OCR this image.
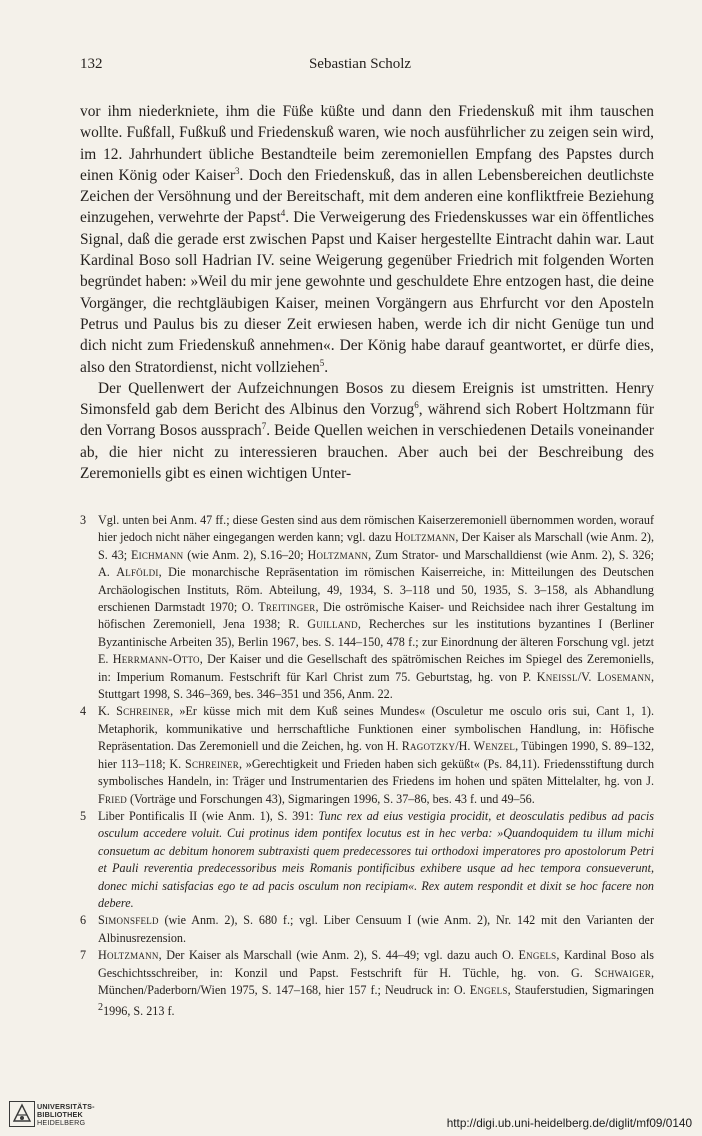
132	Sebastian Scholz

vor ihm niederkniete, ihm die Füße küßte und dann den Friedenskuß mit ihm tauschen wollte. Fußfall, Fußkuß und Friedenskuß waren, wie noch ausführlicher zu zeigen sein wird, im 12. Jahrhundert übliche Bestandteile beim zeremoniellen Empfang des Papstes durch einen König oder Kaiser$^3$. Doch den Friedenskuß, das in allen Lebensbereichen deutlichste Zeichen der Versöhnung und der Bereitschaft, mit dem anderen eine konfliktfreie Beziehung einzugehen, verwehrte der Papst$^4$. Die Verweigerung des Friedenskusses war ein öffentliches Signal, daß die gerade erst zwischen Papst und Kaiser hergestellte Eintracht dahin war. Laut Kardinal Boso soll Hadrian IV. seine Weigerung gegenüber Friedrich mit folgenden Worten begründet haben: »Weil du mir jene gewohnte und geschuldete Ehre entzogen hast, die deine Vorgänger, die rechtgläubigen Kaiser, meinen Vorgängern aus Ehrfurcht vor den Aposteln Petrus und Paulus bis zu dieser Zeit erwiesen haben, werde ich dir nicht Genüge tun und dich nicht zum Friedenskuß annehmen«. Der König habe darauf geantwortet, er dürfe dies, also den Stratordienst, nicht vollziehen$^5$.

Der Quellenwert der Aufzeichnungen Bosos zu diesem Ereignis ist umstritten. Henry Simonsfeld gab dem Bericht des Albinus den Vorzug$^6$, während sich Robert Holtzmann für den Vorrang Bosos aussprach$^7$. Beide Quellen weichen in verschiedenen Details voneinander ab, die hier nicht zu interessieren brauchen. Aber auch bei der Beschreibung des Zeremoniells gibt es einen wichtigen Unter-

3 Vgl. unten bei Anm. 47 ff.; diese Gesten sind aus dem römischen Kaiserzeremoniell übernommen worden, worauf hier jedoch nicht näher eingegangen werden kann; vgl. dazu Holtzmann, Der Kaiser als Marschall (wie Anm. 2), S. 43; Eichmann (wie Anm. 2), S.16–20; Holtzmann, Zum Strator- und Marschalldienst (wie Anm. 2), S. 326; A. Alföldi, Die monarchische Repräsentation im römischen Kaiserreiche, in: Mitteilungen des Deutschen Archäologischen Instituts, Röm. Abteilung, 49, 1934, S. 3–118 und 50, 1935, S. 3–158, als Abhandlung erschienen Darmstadt 1970; O. Treitinger, Die oströmische Kaiser- und Reichsidee nach ihrer Gestaltung im höfischen Zeremoniell, Jena 1938; R. Guilland, Recherches sur les institutions byzantines I (Berliner Byzantinische Arbeiten 35), Berlin 1967, bes. S. 144–150, 478 f.; zur Einordnung der älteren Forschung vgl. jetzt E. Herrmann-Otto, Der Kaiser und die Gesellschaft des spätrömischen Reiches im Spiegel des Zeremoniells, in: Imperium Romanum. Festschrift für Karl Christ zum 75. Geburtstag, hg. von P. Kneissl/V. Losemann, Stuttgart 1998, S. 346–369, bes. 346–351 und 356, Anm. 22.
4 K. Schreiner, »Er küsse mich mit dem Kuß seines Mundes« (Osculetur me osculo oris sui, Cant 1, 1). Metaphorik, kommunikative und herrschaftliche Funktionen einer symbolischen Handlung, in: Höfische Repräsentation. Das Zeremoniell und die Zeichen, hg. von H. Ragotzky/H. Wenzel, Tübingen 1990, S. 89–132, hier 113–118; K. Schreiner, »Gerechtigkeit und Frieden haben sich geküßt« (Ps. 84,11). Friedensstiftung durch symbolisches Handeln, in: Träger und Instrumentarien des Friedens im hohen und späten Mittelalter, hg. von J. Fried (Vorträge und Forschungen 43), Sigmaringen 1996, S. 37–86, bes. 43 f. und 49–56.
5 Liber Pontificalis II (wie Anm. 1), S. 391: Tunc rex ad eius vestigia procidit, et deosculatis pedibus ad pacis osculum accedere voluit. Cui protinus idem pontifex locutus est in hec verba: »Quandoquidem tu illum michi consuetum ac debitum honorem subtraxisti quem predecessores tui orthodoxi imperatores pro apostolorum Petri et Pauli reverentia predecessoribus meis Romanis pontificibus exhibere usque ad hec tempora consueverunt, donec michi satisfacias ego te ad pacis osculum non recipiam«. Rex autem respondit et dixit se hoc facere non debere.
6 Simonsfeld (wie Anm. 2), S. 680 f.; vgl. Liber Censuum I (wie Anm. 2), Nr. 142 mit den Varianten der Albinusrezension.
7 Holtzmann, Der Kaiser als Marschall (wie Anm. 2), S. 44–49; vgl. dazu auch O. Engels, Kardinal Boso als Geschichtsschreiber, in: Konzil und Papst. Festschrift für H. Tüchle, hg. von. G. Schwaiger, München/Paderborn/Wien 1975, S. 147–168, hier 157 f.; Neudruck in: O. Engels, Stauferstudien, Sigmaringen $^2$1996, S. 213 f.
UNIVERSITÄTS-
BIBLIOTHEK
HEIDELBERG	http://digi.ub.uni-heidelberg.de/diglit/mf09/0140
